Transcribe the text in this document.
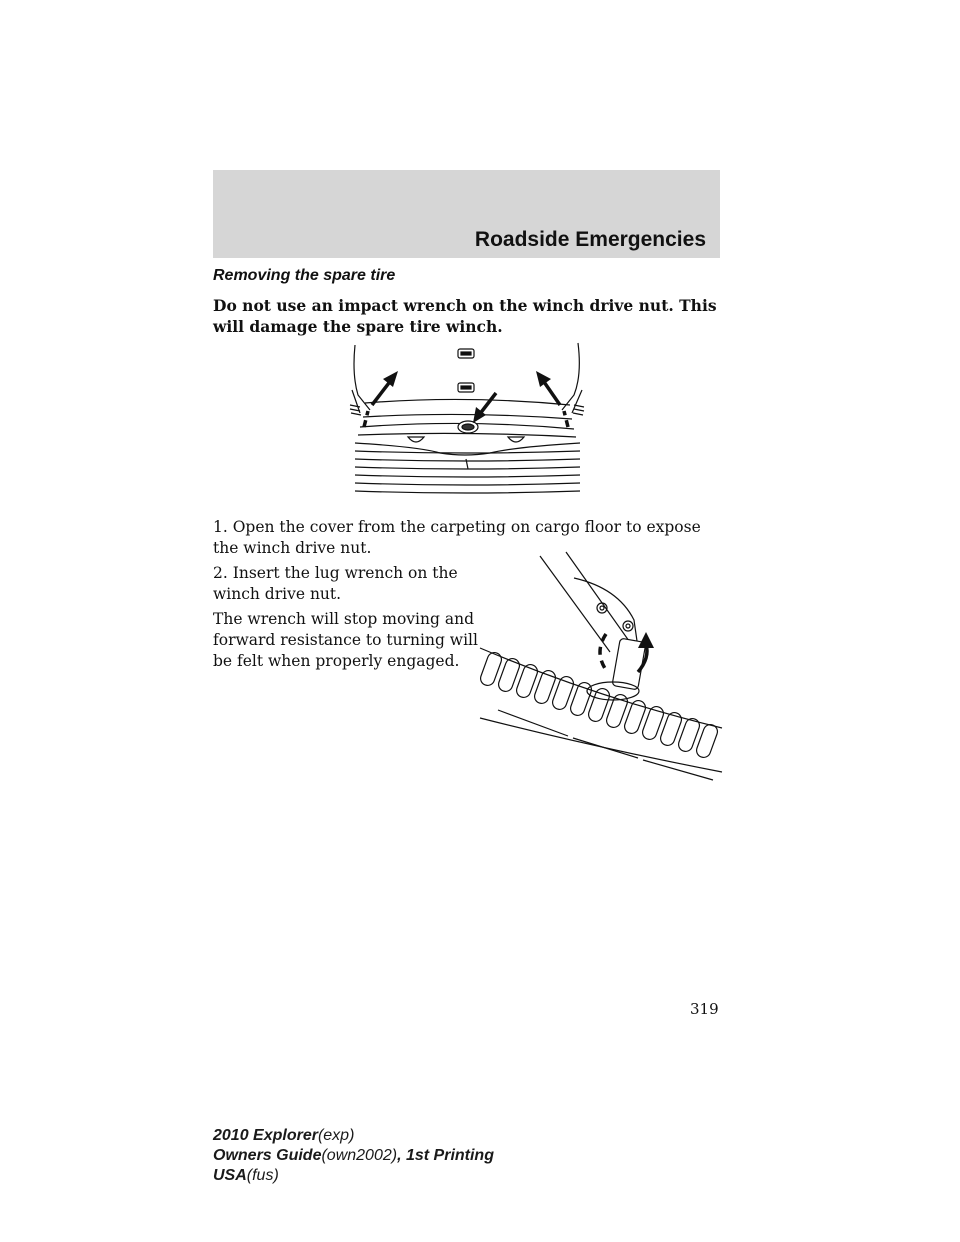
Roadside Emergencies
Removing the spare tire
Do not use an impact wrench on the winch drive nut. This will damage the spare tire winch.
1. Open the cover from the carpeting on cargo floor to expose the winch drive nut.
2. Insert the lug wrench on the winch drive nut.
The wrench will stop moving and forward resistance to turning will be felt when properly engaged.
319
2010 Explorer(exp)
Owners Guide(own2002), 1st Printing
USA(fus)
